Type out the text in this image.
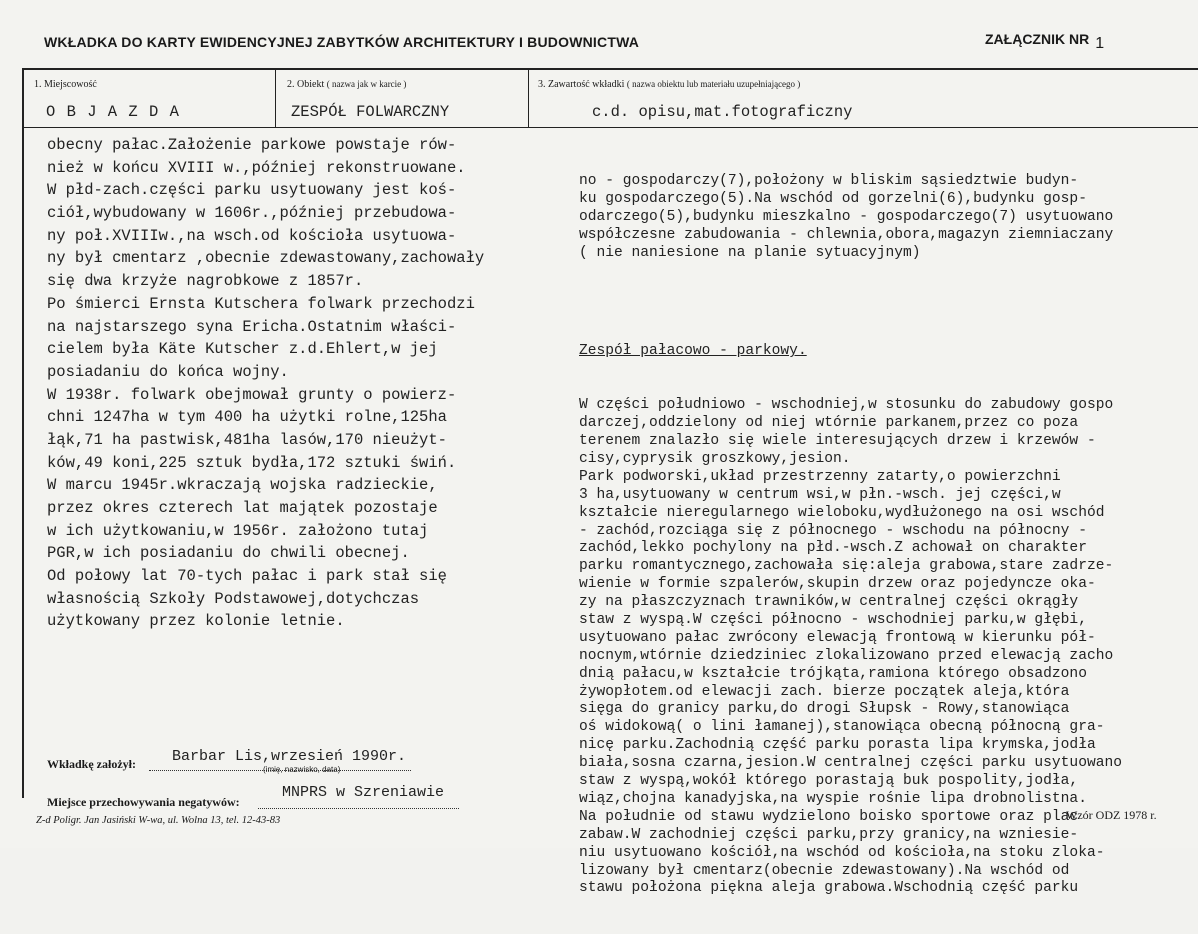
WKŁADKA DO KARTY EWIDENCYJNEJ ZABYTKÓW ARCHITEKTURY I BUDOWNICTWA	ZAŁĄCZNIK NR 1
1. Miejscowość	2. Obiekt ( nazwa jak w karcie )	3. Zawartość wkładki ( nazwa obiektu lub materiału uzupełniającego )
O B J A Z D A	ZESPÓŁ FOLWARCZNY	c.d. opisu,mat.fotograficzny
obecny pałac.Założenie parkowe powstaje rów-
nież w końcu XVIII w.,później rekonstruowane.
W płd-zach.części parku usytuowany jest koś-
ciół,wybudowany w 1606r.,później przebudowa-
ny poł.XVIIIw.,na wsch.od kościoła usytuowa-
ny był cmentarz ,obecnie zdewastowany,zachowały
się dwa krzyże nagrobkowe z 1857r.
Po śmierci Ernsta Kutschera folwark przechodzi
na najstarszego syna Ericha.Ostatnim właści-
cielem była Käte Kutscher z.d.Ehlert,w jej
posiadaniu do końca wojny.
W 1938r. folwark obejmował grunty o powierz-
chni 1247ha w tym 400 ha użytki rolne,125ha
łąk,71 ha pastwisk,481ha lasów,170 nieużyt-
ków,49 koni,225 sztuk bydła,172 sztuki świń.
W marcu 1945r.wkraczają wojska radzieckie,
przez okres czterech lat majątek pozostaje
w ich użytkowaniu,w 1956r. założono tutaj
PGR,w ich posiadaniu do chwili obecnej.
Od połowy lat 70-tych pałac i park stał się
własnością Szkoły Podstawowej,dotychczas
użytkowany przez kolonie letnie.

no - gospodarczy(7),położony w bliskim sąsiedztwie budyn-
ku gospodarczego(5).Na wschód od gorzelni(6),budynku gosp-
odarczego(5),budynku mieszkalno - gospodarczego(7) usytuowano
współczesne zabudowania - chlewnia,obora,magazyn ziemniaczany
( nie naniesione na planie sytuacyjnym)

Zespół pałacowo - parkowy.

W części południowo - wschodniej,w stosunku do zabudowy gospo
darczej,oddzielony od niej wtórnie parkanem,przez co poza
terenem znalazło się wiele interesujących drzew i krzewów -
cisy,cyprysik groszkowy,jesion.
Park podworski,układ przestrzenny zatarty,o powierzchni
3 ha,usytuowany w centrum wsi,w płn.-wsch. jej części,w
kształcie nieregularnego wieloboku,wydłużonego na osi wschód
- zachód,rozciąga się z północnego - wschodu na północny -
zachód,lekko pochylony na płd.-wsch.Z achował on charakter
parku romantycznego,zachowała się:aleja grabowa,stare zadrze-
wienie w formie szpalerów,skupin drzew oraz pojedyncze oka-
zy na płaszczyznach trawników,w centralnej części okrągły
staw z wyspą.W części północno - wschodniej parku,w głębi,
usytuowano pałac zwrócony elewacją frontową w kierunku pół-
nocnym,wtórnie dziedziniec zlokalizowano przed elewacją zacho
dnią pałacu,w kształcie trójkąta,ramiona którego obsadzono
żywopłotem.od elewacji zach. bierze początek aleja,która
sięga do granicy parku,do drogi Słupsk - Rowy,stanowiąca
oś widokową( o lini łamanej),stanowiąca obecną północną gra-
nicę parku.Zachodnią część parku porasta lipa krymska,jodła
biała,sosna czarna,jesion.W centralnej części parku usytuowano
staw z wyspą,wokół którego porastają buk pospolity,jodła,
wiąz,chojna kanadyjska,na wyspie rośnie lipa drobnolistna.
Na południe od stawu wydzielono boisko sportowe oraz plac
zabaw.W zachodniej części parku,przy granicy,na wzniesie-
niu usytuowano kościół,na wschód od kościoła,na stoku zloka-
lizowany był cmentarz(obecnie zdewastowany).Na wschód od
stawu położona piękna aleja grabowa.Wschodnią część parku

Wkładkę założył: Barbar Lis,wrzesień 1990r.
(imię, nazwisko, data)
Miejsce przechowywania negatywów:
MNPRS w Szreniawie
Z-d Poligr. Jan Jasiński W-wa, ul. Wolna 13, tel. 12-43-83	Wzór ODZ 1978 r.
